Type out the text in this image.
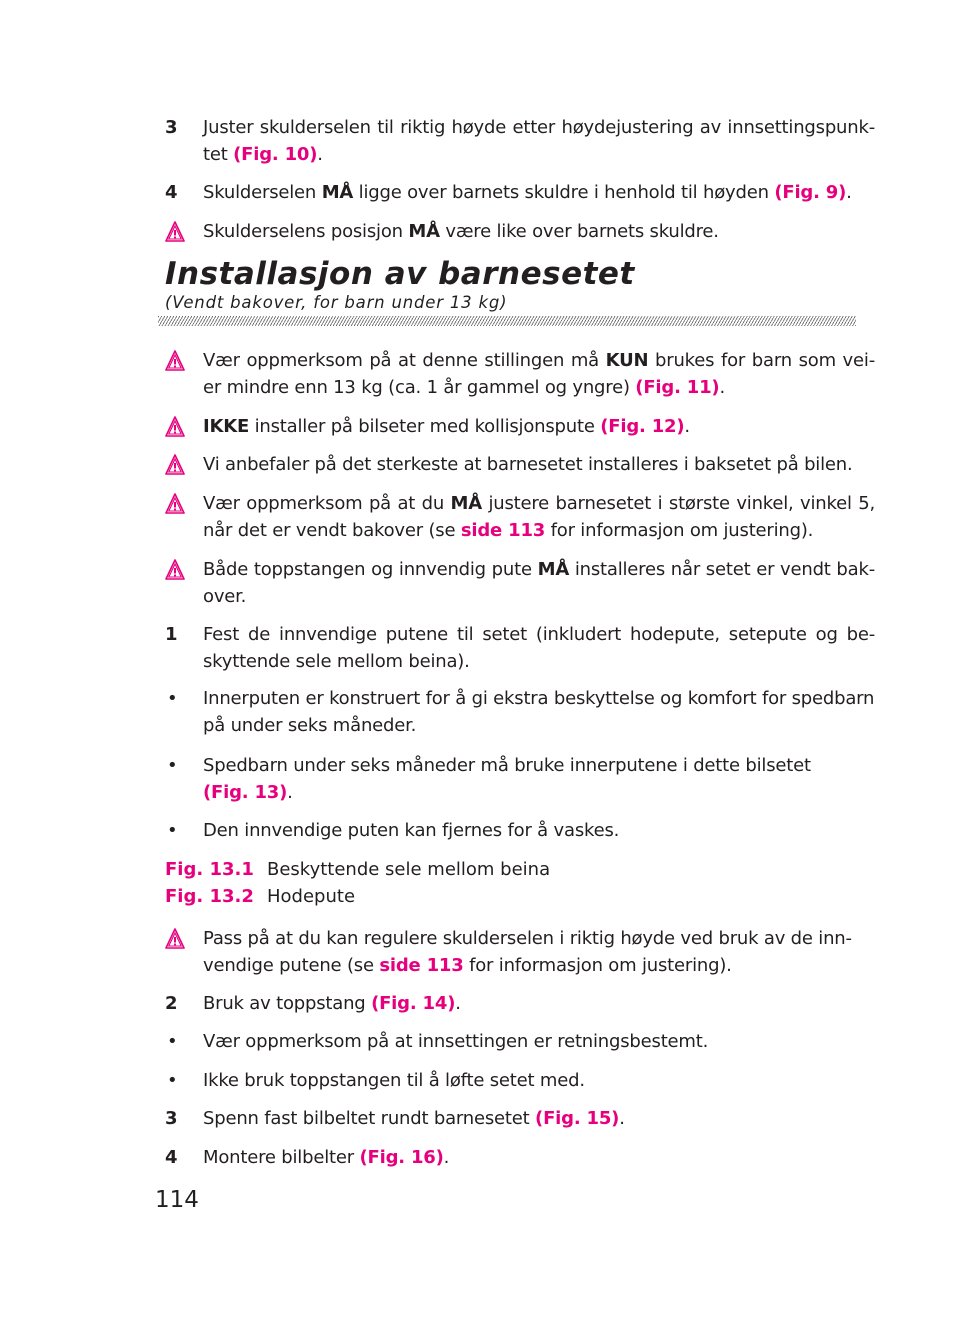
3	Juster skulderselen til riktig høyde etter høydejustering av innsettingspunk-tet (Fig. 10).
4	Skulderselen MÅ ligge over barnets skuldre i henhold til høyden (Fig. 9).
Skulderselens posisjon MÅ være like over barnets skuldre.
Installasjon av barnesetet
(Vendt bakover, for barn under 13 kg)
Vær oppmerksom på at denne stillingen må KUN brukes for barn som vei-er mindre enn 13 kg (ca. 1 år gammel og yngre) (Fig. 11).
IKKE installer på bilseter med kollisjonspute (Fig. 12).
Vi anbefaler på det sterkeste at barnesetet installeres i baksetet på bilen.
Vær oppmerksom på at du MÅ justere barnesetet i største vinkel, vinkel 5, når det er vendt bakover (se side 113 for informasjon om justering).
Både toppstangen og innvendig pute MÅ installeres når setet er vendt bak-over.
1	Fest de innvendige putene til setet (inkludert hodepute, setepute og be-skyttende sele mellom beina).
•	Innerputen er konstruert for å gi ekstra beskyttelse og komfort for spedbarn på under seks måneder.
•	Spedbarn under seks måneder må bruke innerputene i dette bilsetet (Fig. 13).
•	Den innvendige puten kan fjernes for å vaskes.
Fig. 13.1 Beskyttende sele mellom beina
Fig. 13.2 Hodepute
Pass på at du kan regulere skulderselen i riktig høyde ved bruk av de inn-vendige putene (se side 113 for informasjon om justering).
2	Bruk av toppstang (Fig. 14).
•	Vær oppmerksom på at innsettingen er retningsbestemt.
•	Ikke bruk toppstangen til å løfte setet med.
3	Spenn fast bilbeltet rundt barnesetet (Fig. 15).
4	Montere bilbelter (Fig. 16).
114
